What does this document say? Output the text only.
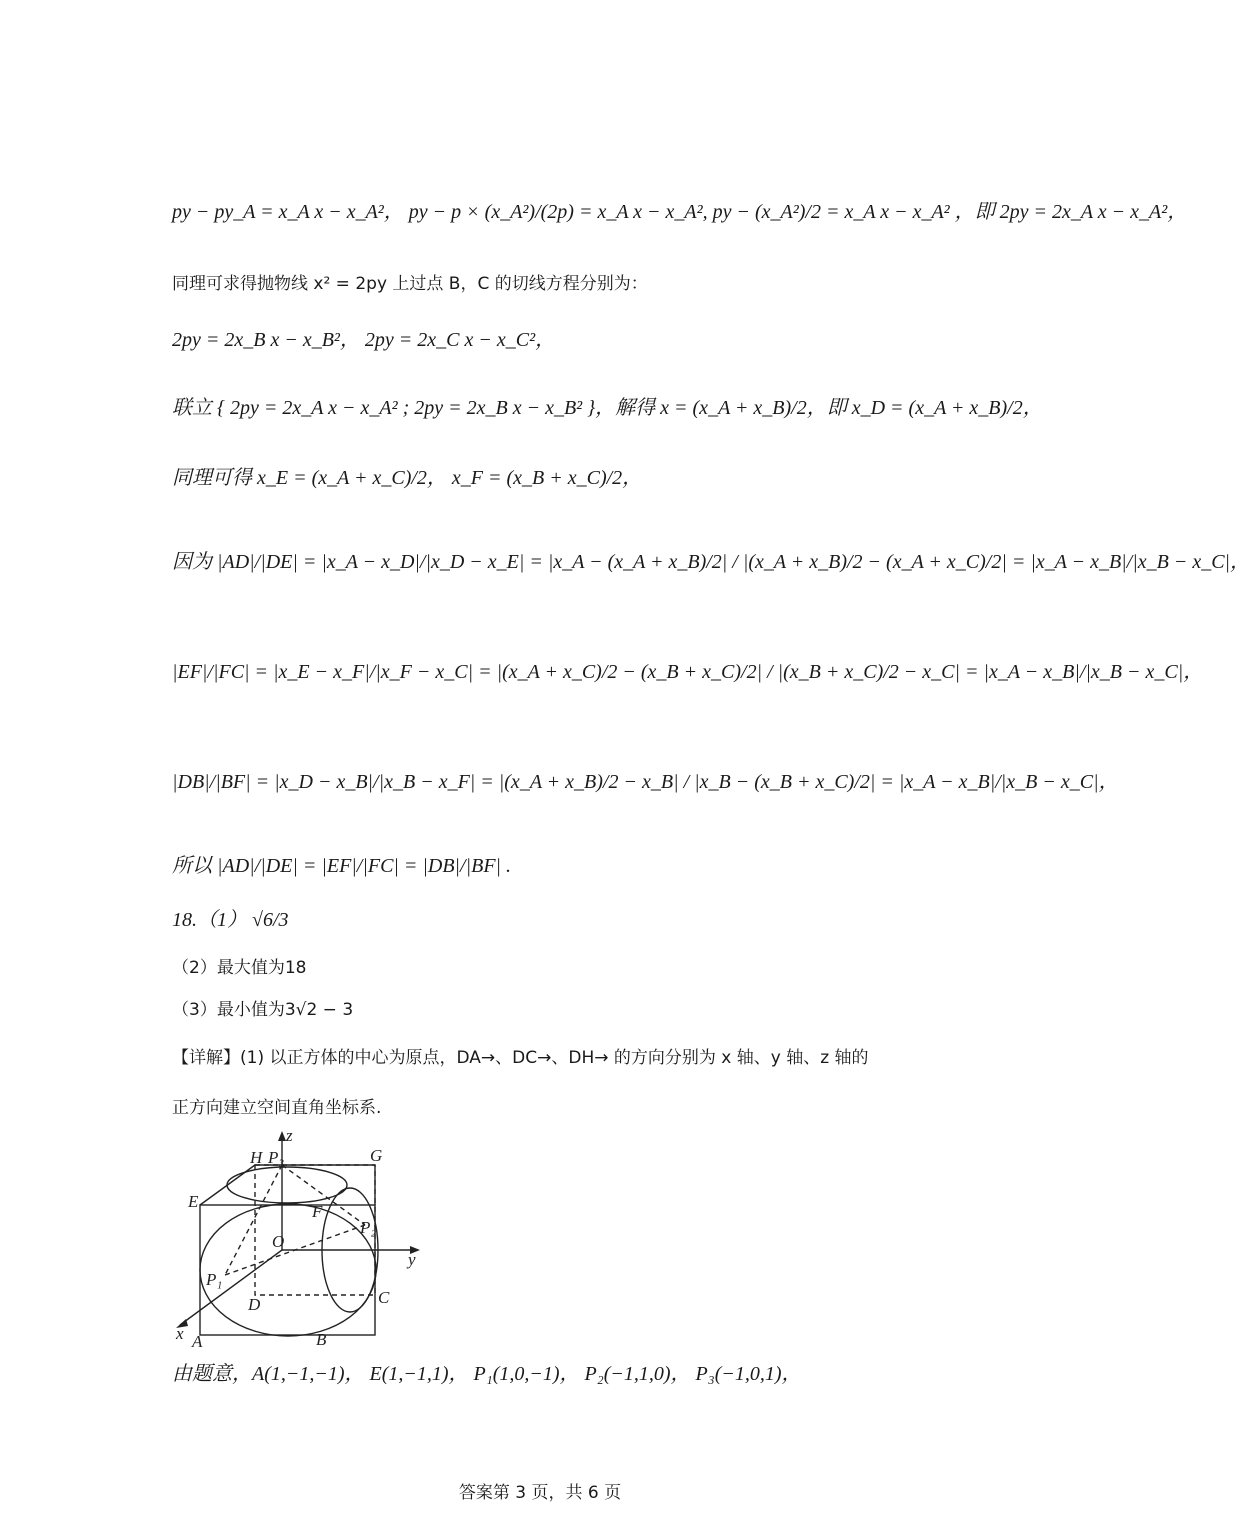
py − py_A = x_A x − x_A²， py − p × (x_A²)/(2p) = x_A x − x_A², py − (x_A²)/2 = x_A x − x_A² ，即 2py = 2x_A x − x_A²，
同理可求得抛物线 x² = 2py 上过点 B，C 的切线方程分别为：
2py = 2x_B x − x_B²， 2py = 2x_C x − x_C²，
联立 { 2py = 2x_A x − x_A² ; 2py = 2x_B x − x_B² }，解得 x = (x_A + x_B)/2，即 x_D = (x_A + x_B)/2，
同理可得 x_E = (x_A + x_C)/2， x_F = (x_B + x_C)/2，
因为 |AD|/|DE| = |x_A − x_D|/|x_D − x_E| = |x_A − (x_A + x_B)/2| / |(x_A + x_B)/2 − (x_A + x_C)/2| = |x_A − x_B|/|x_B − x_C|，
|EF|/|FC| = |x_E − x_F|/|x_F − x_C| = |(x_A + x_C)/2 − (x_B + x_C)/2| / |(x_B + x_C)/2 − x_C| = |x_A − x_B|/|x_B − x_C|，
|DB|/|BF| = |x_D − x_B|/|x_B − x_F| = |(x_A + x_B)/2 − x_B| / |x_B − (x_B + x_C)/2| = |x_A − x_B|/|x_B − x_C|，
所以 |AD|/|DE| = |EF|/|FC| = |DB|/|BF| .
18.（1） √6/3
（2）最大值为18
（3）最小值为3√2 − 3
【详解】(1) 以正方体的中心为原点，DA→、DC→、DH→ 的方向分别为 x 轴、y 轴、z 轴的
正方向建立空间直角坐标系.
z
H P₃	G
E
F
P₂
O
y
P₁
D	C
x A	B
由题意，A(1,−1,−1)， E(1,−1,1)， P₁(1,0,−1)， P₂(−1,1,0)， P₃(−1,0,1)，
答案第 3 页，共 6 页
